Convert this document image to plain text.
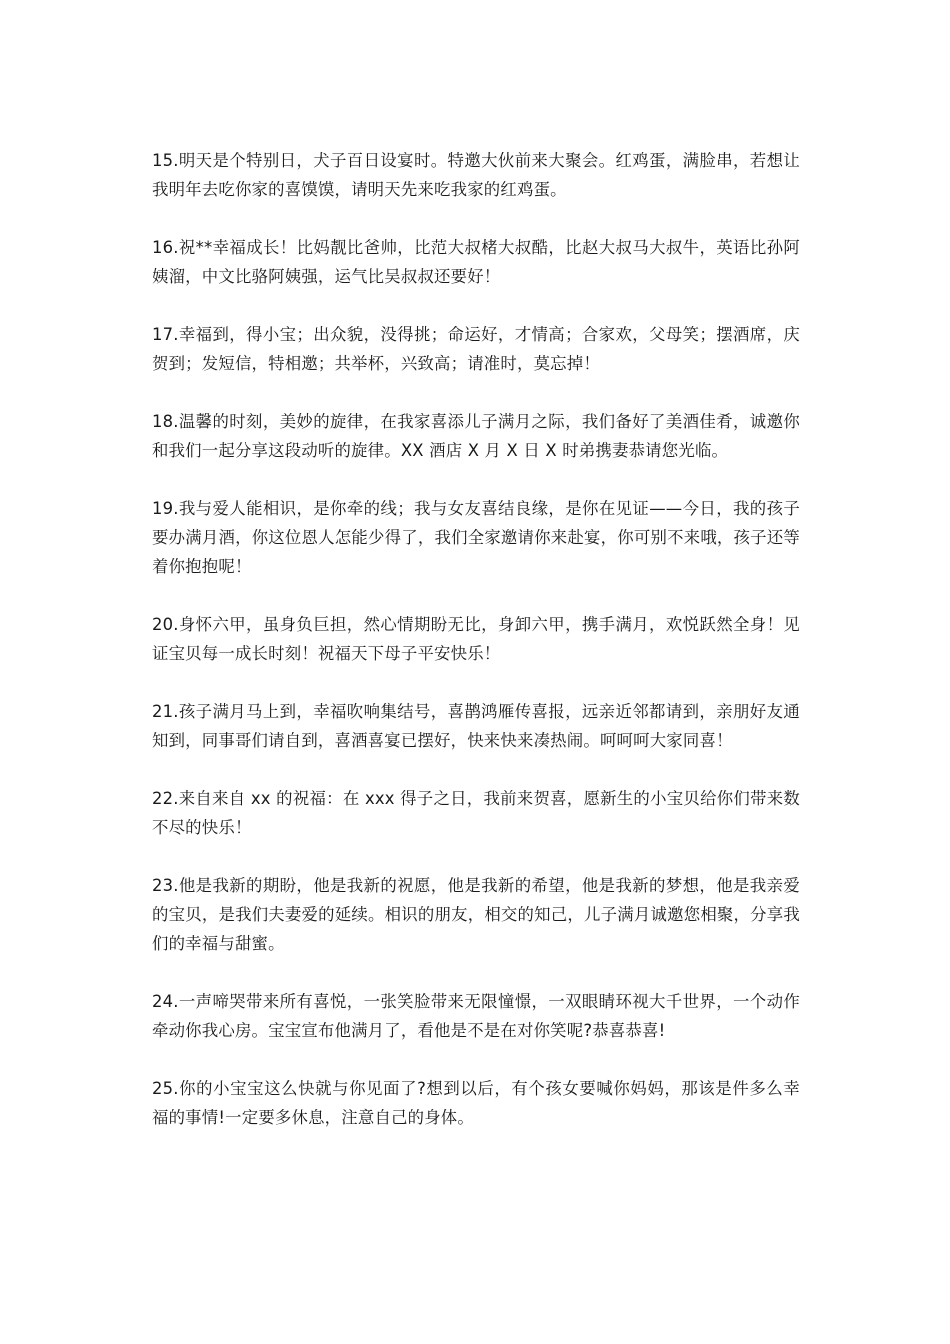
15.明天是个特别日，犬子百日设宴时。特邀大伙前来大聚会。红鸡蛋，满脸串，若想让我明年去吃你家的喜馍馍，请明天先来吃我家的红鸡蛋。

16.祝**幸福成长！比妈靓比爸帅，比范大叔楮大叔酷，比赵大叔马大叔牛，英语比孙阿姨溜，中文比骆阿姨强，运气比吴叔叔还要好！

17.幸福到，得小宝；出众貌，没得挑；命运好，才情高；合家欢，父母笑；摆酒席，庆贺到；发短信，特相邀；共举杯，兴致高；请准时，莫忘掉！

18.温馨的时刻，美妙的旋律，在我家喜添儿子满月之际，我们备好了美酒佳肴，诚邀你和我们一起分享这段动听的旋律。XX 酒店 X 月 X 日 X 时弟携妻恭请您光临。

19.我与爱人能相识，是你牵的线；我与女友喜结良缘，是你在见证——今日，我的孩子要办满月酒，你这位恩人怎能少得了，我们全家邀请你来赴宴，你可别不来哦，孩子还等着你抱抱呢！

20.身怀六甲，虽身负巨担，然心情期盼无比，身卸六甲，携手满月，欢悦跃然全身！见证宝贝每一成长时刻！祝福天下母子平安快乐！

21.孩子满月马上到，幸福吹响集结号，喜鹊鸿雁传喜报，远亲近邻都请到，亲朋好友通知到，同事哥们请自到，喜酒喜宴已摆好，快来快来凑热闹。呵呵呵大家同喜！

22.来自来自 xx 的祝福：在 xxx 得子之日，我前来贺喜，愿新生的小宝贝给你们带来数不尽的快乐！

23.他是我新的期盼，他是我新的祝愿，他是我新的希望，他是我新的梦想，他是我亲爱的宝贝，是我们夫妻爱的延续。相识的朋友，相交的知己，儿子满月诚邀您相聚，分享我们的幸福与甜蜜。

24.一声啼哭带来所有喜悦，一张笑脸带来无限憧憬，一双眼睛环视大千世界，一个动作牵动你我心房。宝宝宣布他满月了，看他是不是在对你笑呢?恭喜恭喜!

25.你的小宝宝这么快就与你见面了?想到以后，有个孩女要喊你妈妈，那该是件多么幸福的事情!一定要多休息，注意自己的身体。
